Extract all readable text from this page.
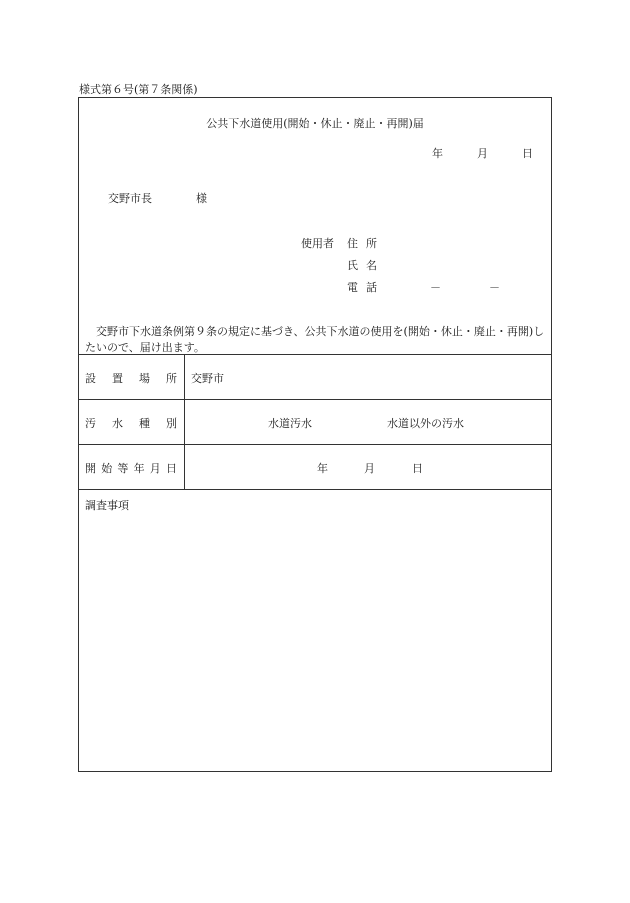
様式第６号(第７条関係)
公共下水道使用(開始・休止・廃止・再開)届
年	月	日
交野市長	様
使用者	住所
氏名
電話	－	－
交野市下水道条例第９条の規定に基づき、公共下水道の使用を(開始・休止・廃止・再開)したいので、届け出ます。
設 置 場 所 交野市
汚 水 種 別	水道汚水	水道以外の汚水
開 始 等 年 月 日	年	月	日
調査事項
